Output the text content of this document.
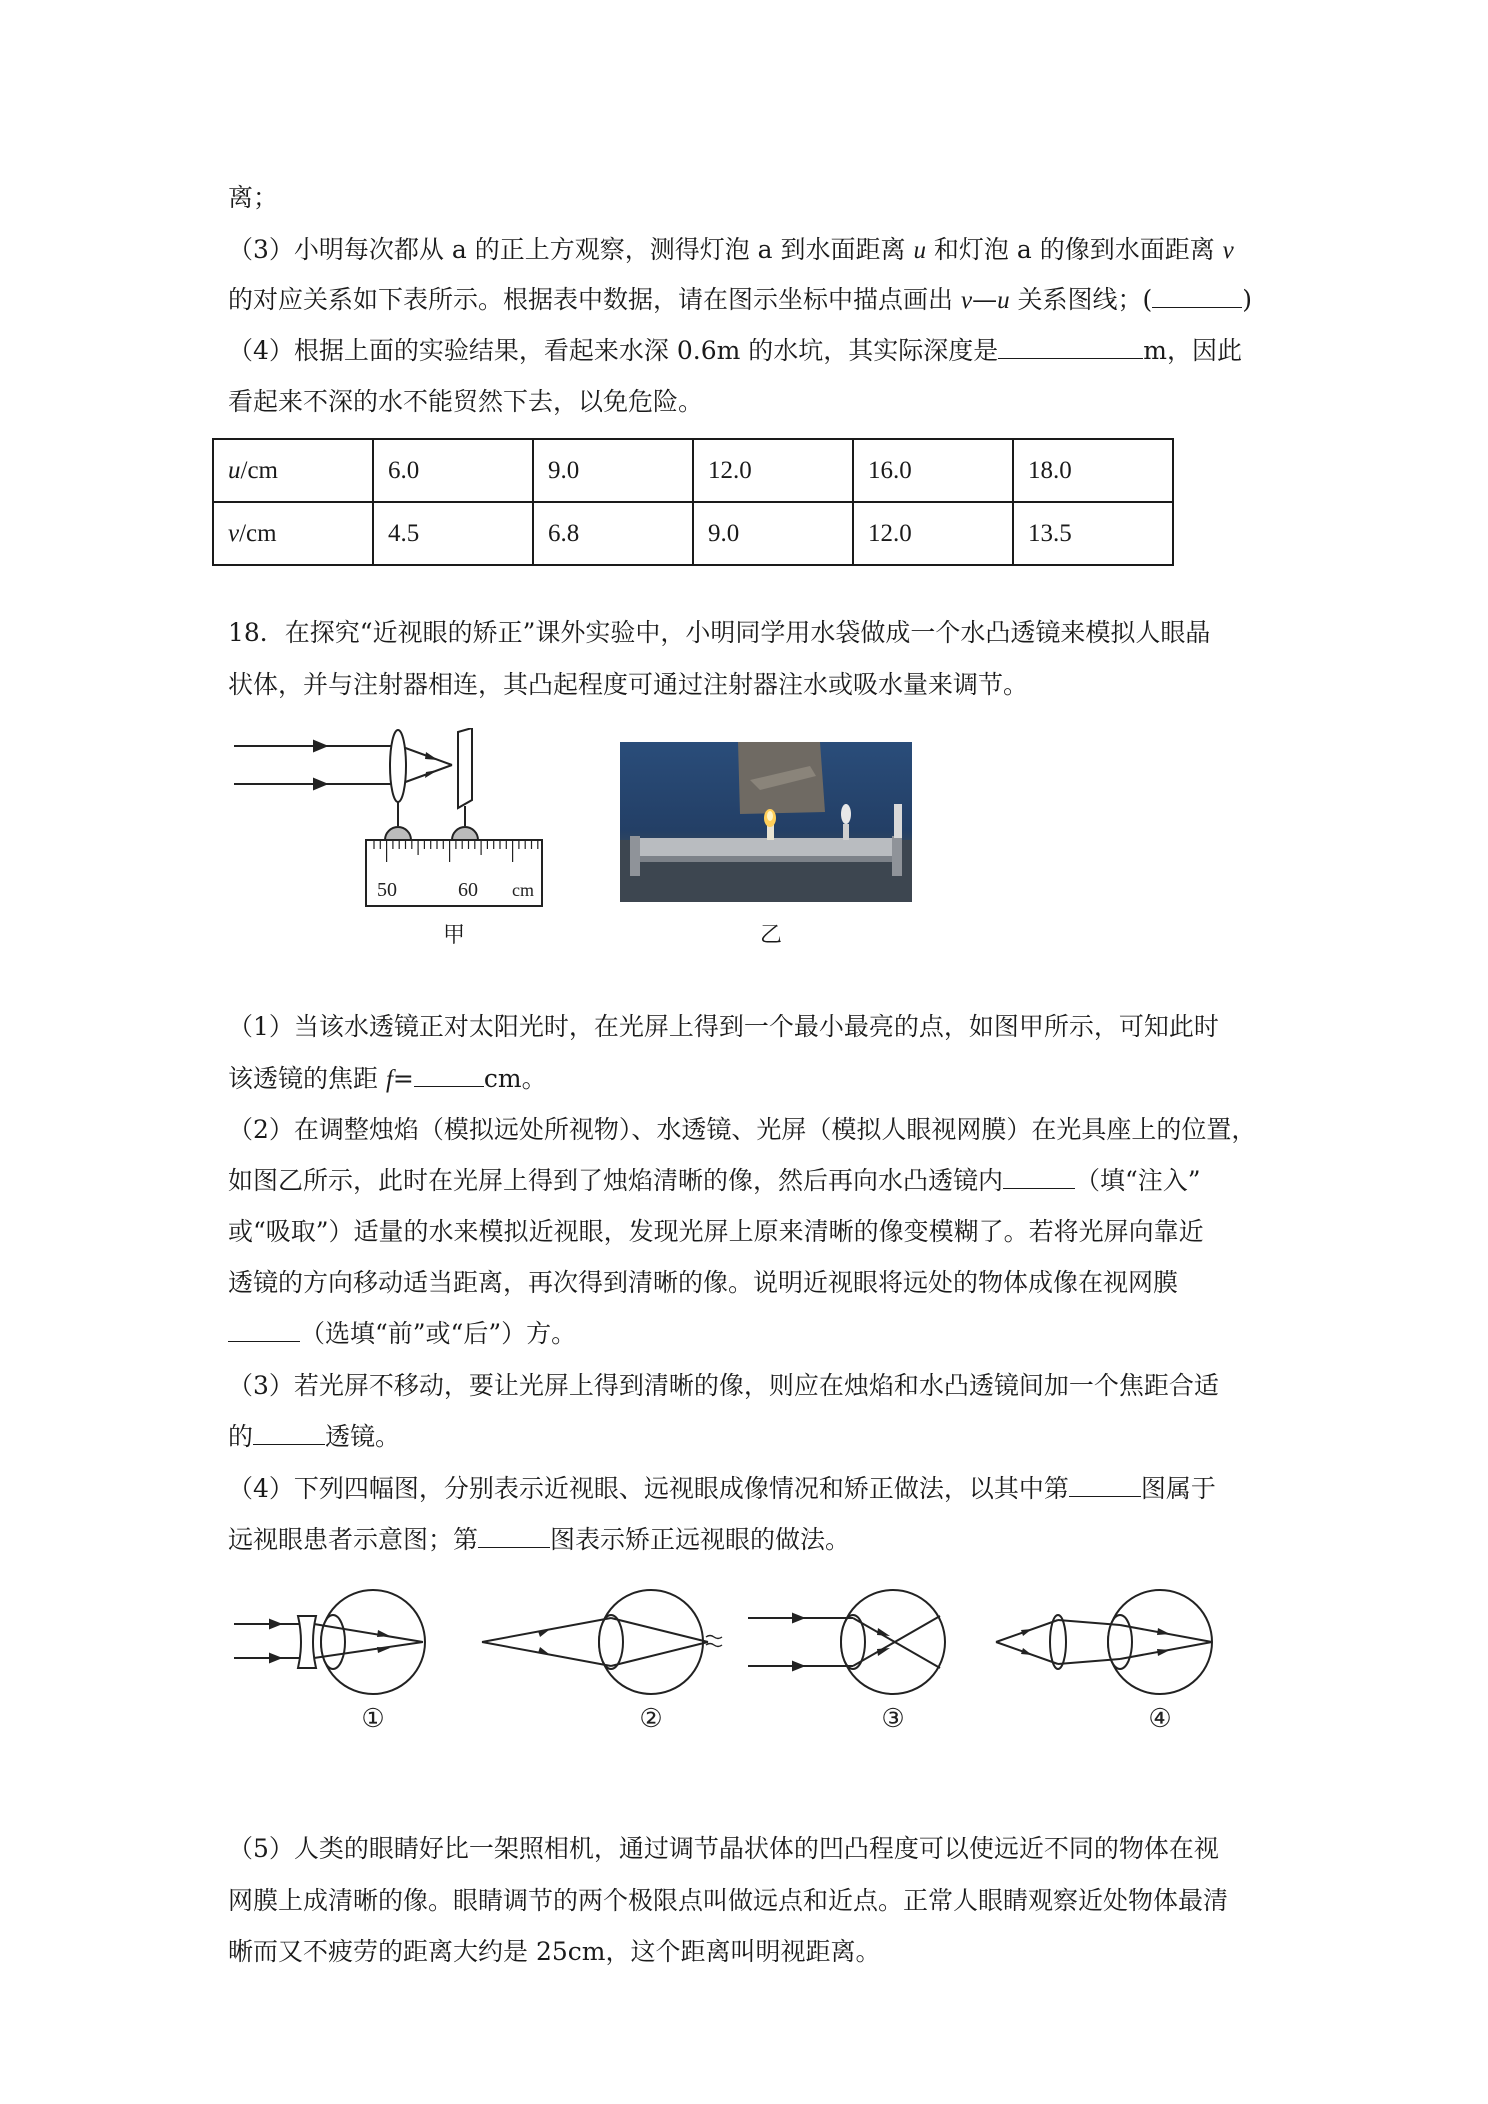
离；
（3）小明每次都从 a 的正上方观察，测得灯泡 a 到水面距离 u 和灯泡 a 的像到水面距离 v
的对应关系如下表所示。根据表中数据，请在图示坐标中描点画出 v—u 关系图线；(	)
（4）根据上面的实验结果，看起来水深 0.6m 的水坑，其实际深度是	m，因此
看起来不深的水不能贸然下去，以免危险。
u/cm	6.0	9.0	12.0	16.0	18.0
v/cm	4.5	6.8	9.0	12.0	13.5
18．在探究“近视眼的矫正”课外实验中，小明同学用水袋做成一个水凸透镜来模拟人眼晶
状体，并与注射器相连，其凸起程度可通过注射器注水或吸水量来调节。
50	60 cm
甲	乙
（1）当该水透镜正对太阳光时，在光屏上得到一个最小最亮的点，如图甲所示，可知此时
该透镜的焦距 f=	cm。
（2）在调整烛焰（模拟远处所视物）、水透镜、光屏（模拟人眼视网膜）在光具座上的位置，
如图乙所示，此时在光屏上得到了烛焰清晰的像，然后再向水凸透镜内	（填“注入”
或“吸取”）适量的水来模拟近视眼，发现光屏上原来清晰的像变模糊了。若将光屏向靠近
透镜的方向移动适当距离，再次得到清晰的像。说明近视眼将远处的物体成像在视网膜
（选填“前”或“后”）方。
（3）若光屏不移动，要让光屏上得到清晰的像，则应在烛焰和水凸透镜间加一个焦距合适
的	透镜。
（4）下列四幅图，分别表示近视眼、远视眼成像情况和矫正做法，以其中第	图属于
远视眼患者示意图；第	图表示矫正远视眼的做法。
①	②	③	④
（5）人类的眼睛好比一架照相机，通过调节晶状体的凹凸程度可以使远近不同的物体在视
网膜上成清晰的像。眼睛调节的两个极限点叫做远点和近点。正常人眼睛观察近处物体最清
晰而又不疲劳的距离大约是 25cm，这个距离叫明视距离。
